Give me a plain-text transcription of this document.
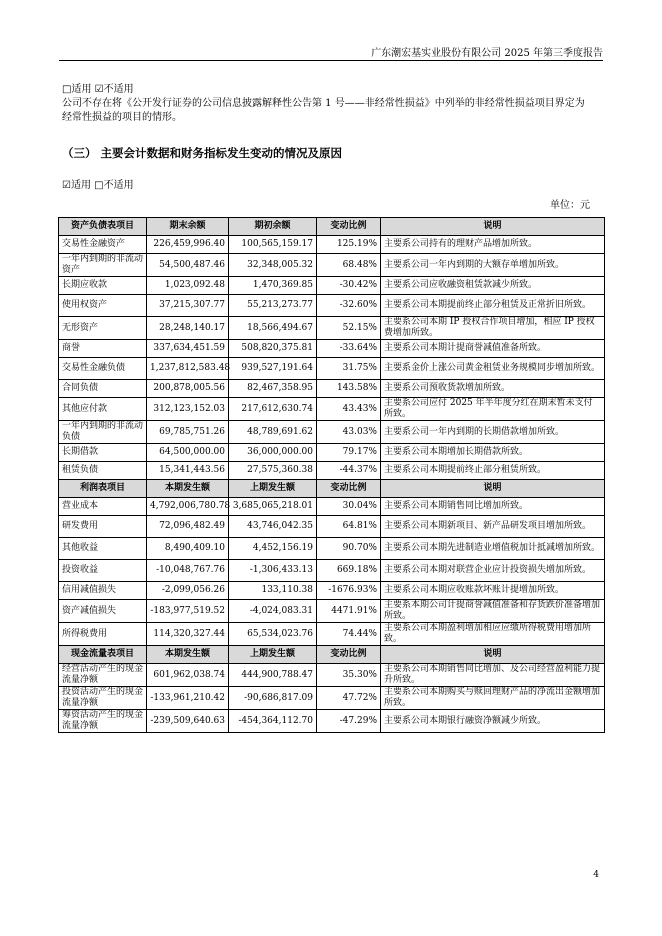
广东潮宏基实业股份有限公司 2025 年第三季度报告
□适用 ☑不适用
公司不存在将《公开发行证券的公司信息披露解释性公告第 1 号——非经常性损益》中列举的非经常性损益项目界定为经常性损益的项目的情形。
（三） 主要会计数据和财务指标发生变动的情况及原因
☑适用 □不适用
单位：元
资产负债表项目	期末余额	期初余额	变动比例	说明
交易性金融资产	226,459,996.40	100,565,159.17	125.19%	主要系公司持有的理财产品增加所致。
一年内到期的非流动资产	54,500,487.46	32,348,005.32	68.48%	主要系公司一年内到期的大额存单增加所致。
长期应收款	1,023,092.48	1,470,369.85	-30.42%	主要系公司应收融资租赁款减少所致。
使用权资产	37,215,307.77	55,213,273.77	-32.60%	主要系公司本期提前终止部分租赁及正常折旧所致。
无形资产	28,248,140.17	18,566,494.67	52.15%	主要系公司本期 IP 授权合作项目增加，相应 IP 授权费增加所致。
商誉	337,634,451.59	508,820,375.81	-33.64%	主要系公司本期计提商誉减值准备所致。
交易性金融负债	1,237,812,583.48	939,527,191.64	31.75%	主要系金价上涨公司黄金租赁业务规模同步增加所致。
合同负债	200,878,005.56	82,467,358.95	143.58%	主要系公司预收货款增加所致。
其他应付款	312,123,152.03	217,612,630.74	43.43%	主要系公司应付 2025 年半年度分红在期末暂未支付所致。
一年内到期的非流动负债	69,785,751.26	48,789,691.62	43.03%	主要系公司一年内到期的长期借款增加所致。
长期借款	64,500,000.00	36,000,000.00	79.17%	主要系公司本期增加长期借款所致。
租赁负债	15,341,443.56	27,575,360.38	-44.37%	主要系公司本期提前终止部分租赁所致。
利润表项目	本期发生额	上期发生额	变动比例	说明
营业成本	4,792,006,780.78	3,685,065,218.01	30.04%	主要系公司本期销售同比增加所致。
研发费用	72,096,482.49	43,746,042.35	64.81%	主要系公司本期新项目、新产品研发项目增加所致。
其他收益	8,490,409.10	4,452,156.19	90.70%	主要系公司本期先进制造业增值税加计抵减增加所致。
投资收益	-10,048,767.76	-1,306,433.13	669.18%	主要系公司本期对联营企业应计投资损失增加所致。
信用减值损失	-2,099,056.26	133,110.38	-1676.93%	主要系公司本期应收账款坏账计提增加所致。
资产减值损失	-183,977,519.52	-4,024,083.31	4471.91%	主要系本期公司计提商誉减值准备和存货跌价准备增加所致。
所得税费用	114,320,327.44	65,534,023.76	74.44%	主要系公司本期盈利增加相应应缴所得税费用增加所致。
现金流量表项目	本期发生额	上期发生额	变动比例	说明
经营活动产生的现金流量净额	601,962,038.74	444,900,788.47	35.30%	主要系公司本期销售同比增加、及公司经营盈利能力提升所致。
投资活动产生的现金流量净额	-133,961,210.42	-90,686,817.09	47.72%	主要系公司本期购买与赎回理财产品的净流出金额增加所致。
筹资活动产生的现金流量净额	-239,509,640.63	-454,364,112.70	-47.29%	主要系公司本期银行融资净额减少所致。
4
